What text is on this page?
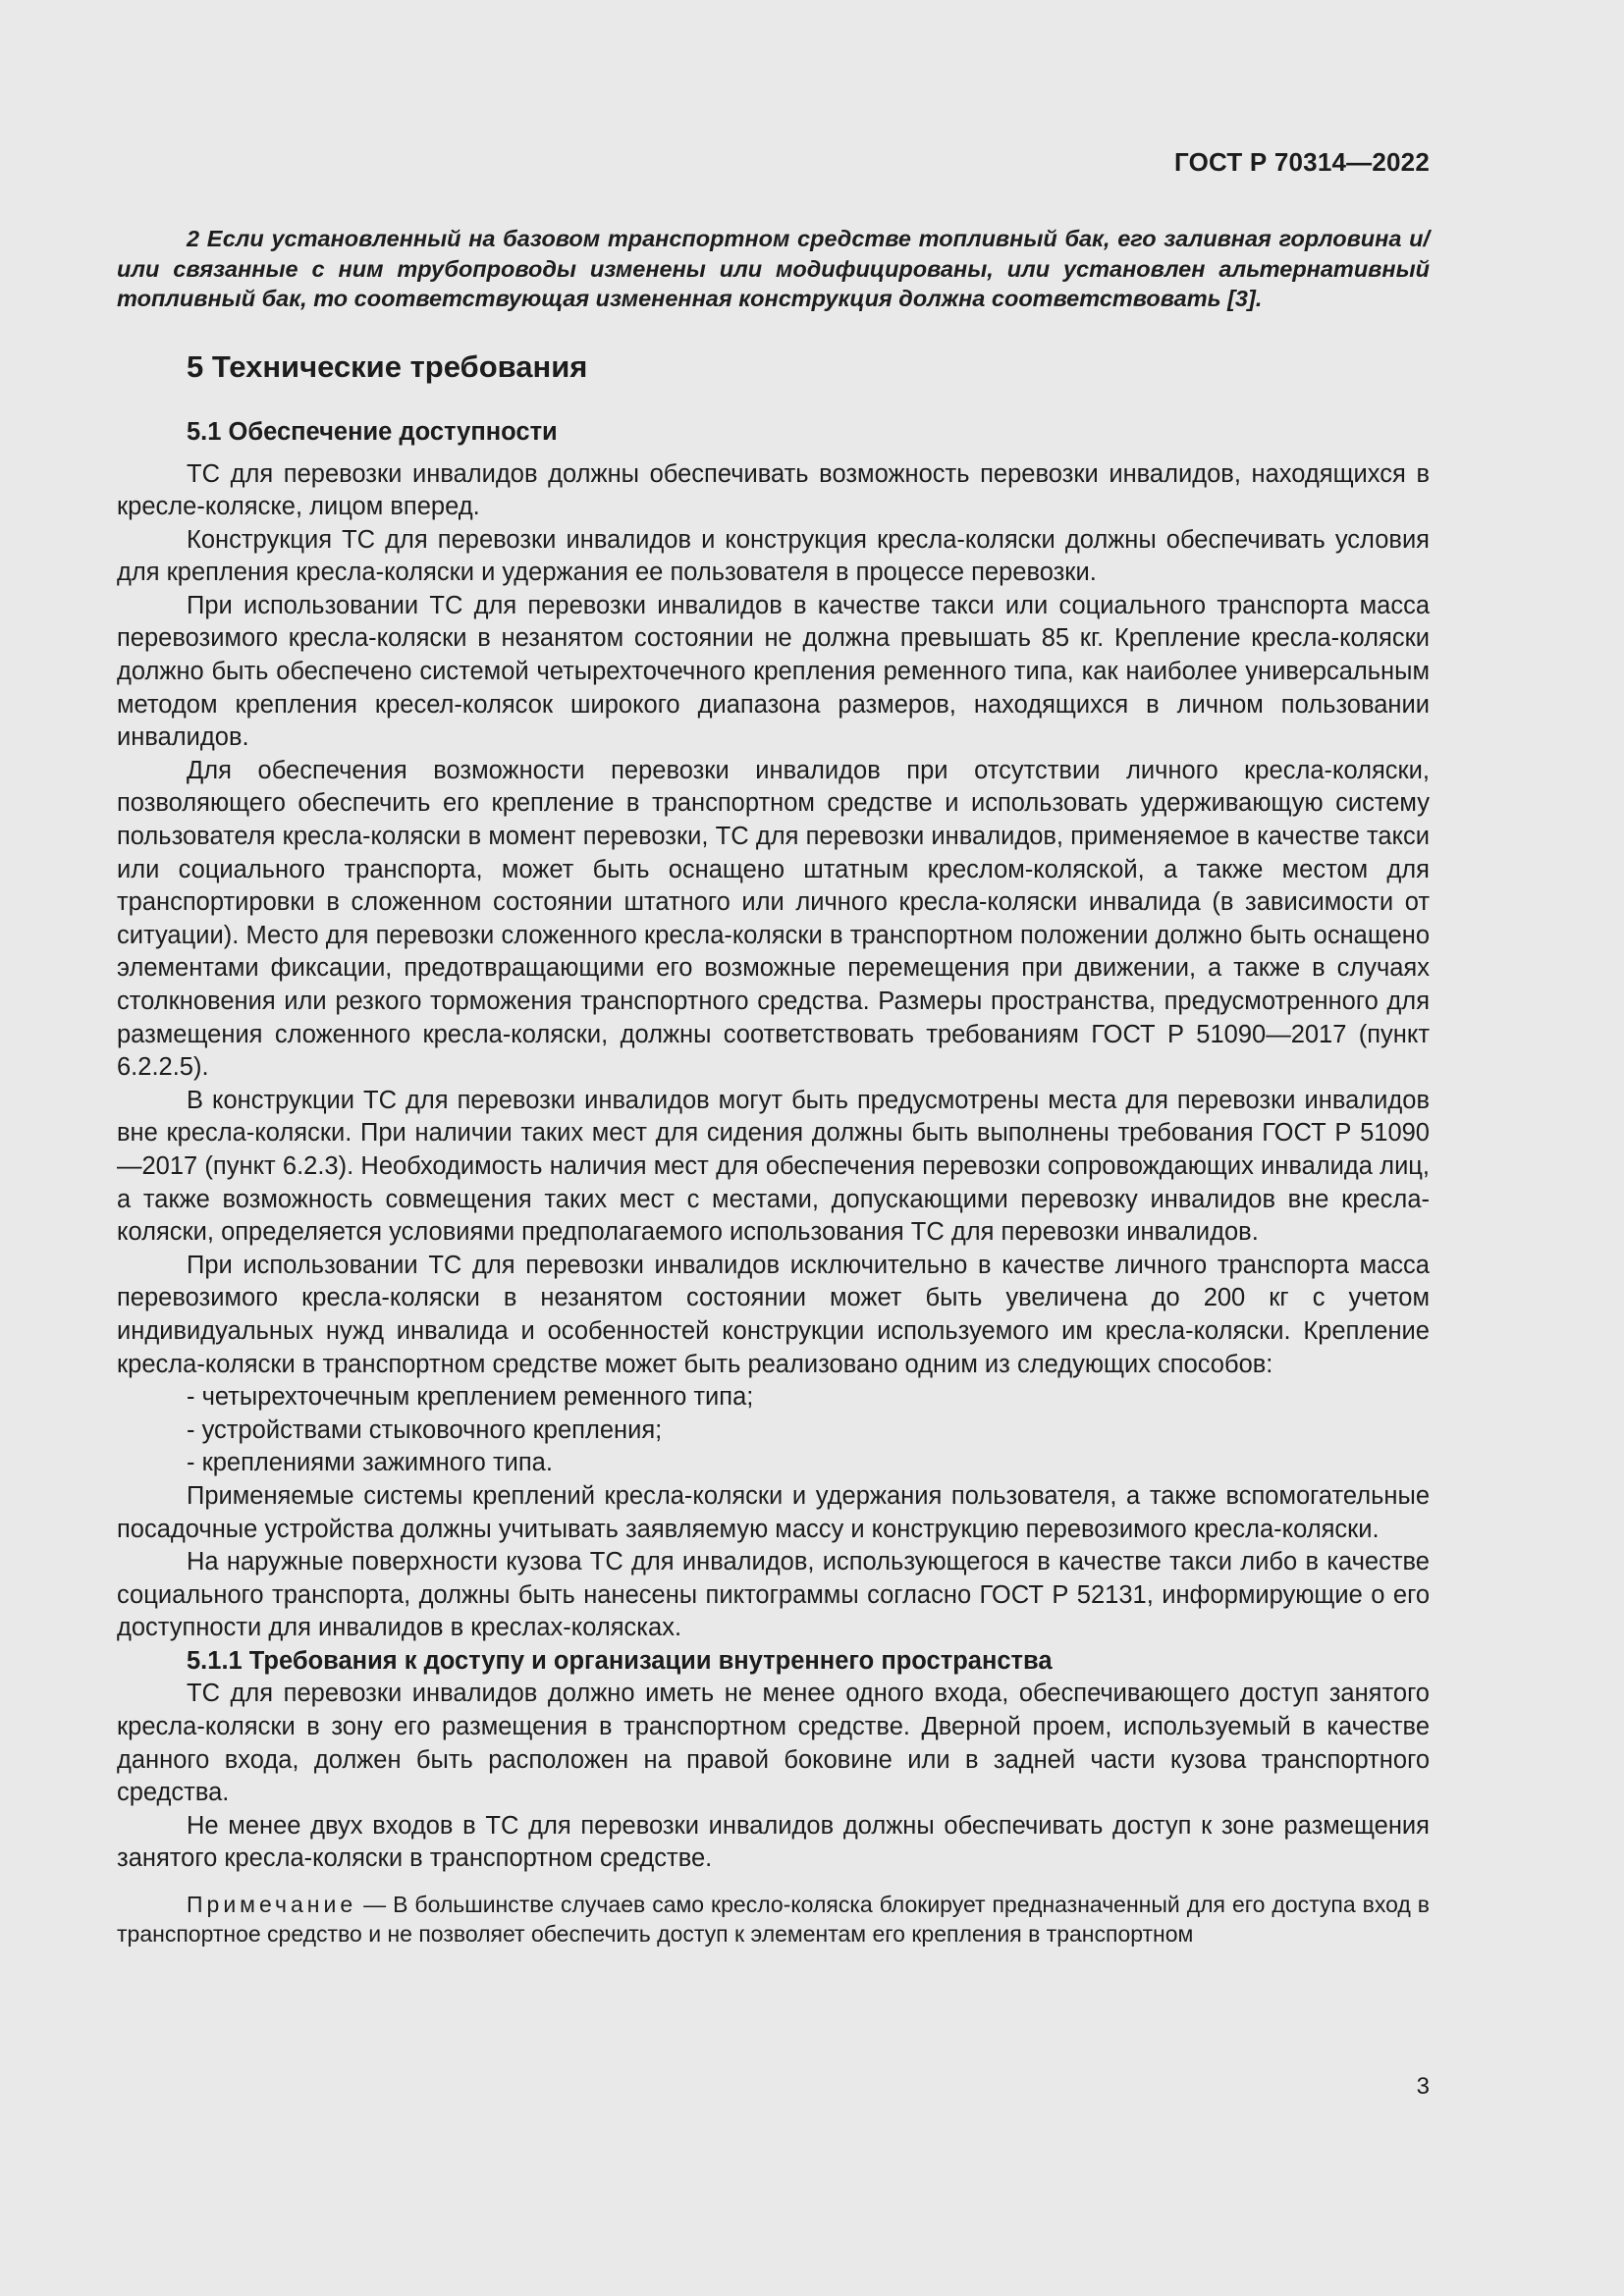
ГОСТ Р 70314—2022

2 Если установленный на базовом транспортном средстве топливный бак, его заливная горловина и/или связанные с ним трубопроводы изменены или модифицированы, или установлен альтернативный топливный бак, то соответствующая измененная конструкция должна соответствовать [3].

5 Технические требования
5.1 Обеспечение доступности

ТС для перевозки инвалидов должны обеспечивать возможность перевозки инвалидов, находящихся в кресле-коляске, лицом вперед.

Конструкция ТС для перевозки инвалидов и конструкция кресла-коляски должны обеспечивать условия для крепления кресла-коляски и удержания ее пользователя в процессе перевозки.

При использовании ТС для перевозки инвалидов в качестве такси или социального транспорта масса перевозимого кресла-коляски в незанятом состоянии не должна превышать 85 кг. Крепление кресла-коляски должно быть обеспечено системой четырехточечного крепления ременного типа, как наиболее универсальным методом крепления кресел-колясок широкого диапазона размеров, находящихся в личном пользовании инвалидов.

Для обеспечения возможности перевозки инвалидов при отсутствии личного кресла-коляски, позволяющего обеспечить его крепление в транспортном средстве и использовать удерживающую систему пользователя кресла-коляски в момент перевозки, ТС для перевозки инвалидов, применяемое в качестве такси или социального транспорта, может быть оснащено штатным креслом-коляской, а также местом для транспортировки в сложенном состоянии штатного или личного кресла-коляски инвалида (в зависимости от ситуации). Место для перевозки сложенного кресла-коляски в транспортном положении должно быть оснащено элементами фиксации, предотвращающими его возможные перемещения при движении, а также в случаях столкновения или резкого торможения транспортного средства. Размеры пространства, предусмотренного для размещения сложенного кресла-коляски, должны соответствовать требованиям ГОСТ Р 51090—2017 (пункт 6.2.2.5).

В конструкции ТС для перевозки инвалидов могут быть предусмотрены места для перевозки инвалидов вне кресла-коляски. При наличии таких мест для сидения должны быть выполнены требования ГОСТ Р 51090—2017 (пункт 6.2.3). Необходимость наличия мест для обеспечения перевозки сопровождающих инвалида лиц, а также возможность совмещения таких мест с местами, допускающими перевозку инвалидов вне кресла-коляски, определяется условиями предполагаемого использования ТС для перевозки инвалидов.

При использовании ТС для перевозки инвалидов исключительно в качестве личного транспорта масса перевозимого кресла-коляски в незанятом состоянии может быть увеличена до 200 кг с учетом индивидуальных нужд инвалида и особенностей конструкции используемого им кресла-коляски. Крепление кресла-коляски в транспортном средстве может быть реализовано одним из следующих способов:

- четырехточечным креплением ременного типа;
- устройствами стыковочного крепления;
- креплениями зажимного типа.

Применяемые системы креплений кресла-коляски и удержания пользователя, а также вспомогательные посадочные устройства должны учитывать заявляемую массу и конструкцию перевозимого кресла-коляски.

На наружные поверхности кузова ТС для инвалидов, использующегося в качестве такси либо в качестве социального транспорта, должны быть нанесены пиктограммы согласно ГОСТ Р 52131, информирующие о его доступности для инвалидов в креслах-колясках.

5.1.1 Требования к доступу и организации внутреннего пространства

ТС для перевозки инвалидов должно иметь не менее одного входа, обеспечивающего доступ занятого кресла-коляски в зону его размещения в транспортном средстве. Дверной проем, используемый в качестве данного входа, должен быть расположен на правой боковине или в задней части кузова транспортного средства.

Не менее двух входов в ТС для перевозки инвалидов должны обеспечивать доступ к зоне размещения занятого кресла-коляски в транспортном средстве.

Примечание — В большинстве случаев само кресло-коляска блокирует предназначенный для его доступа вход в транспортное средство и не позволяет обеспечить доступ к элементам его крепления в транспортном

3
